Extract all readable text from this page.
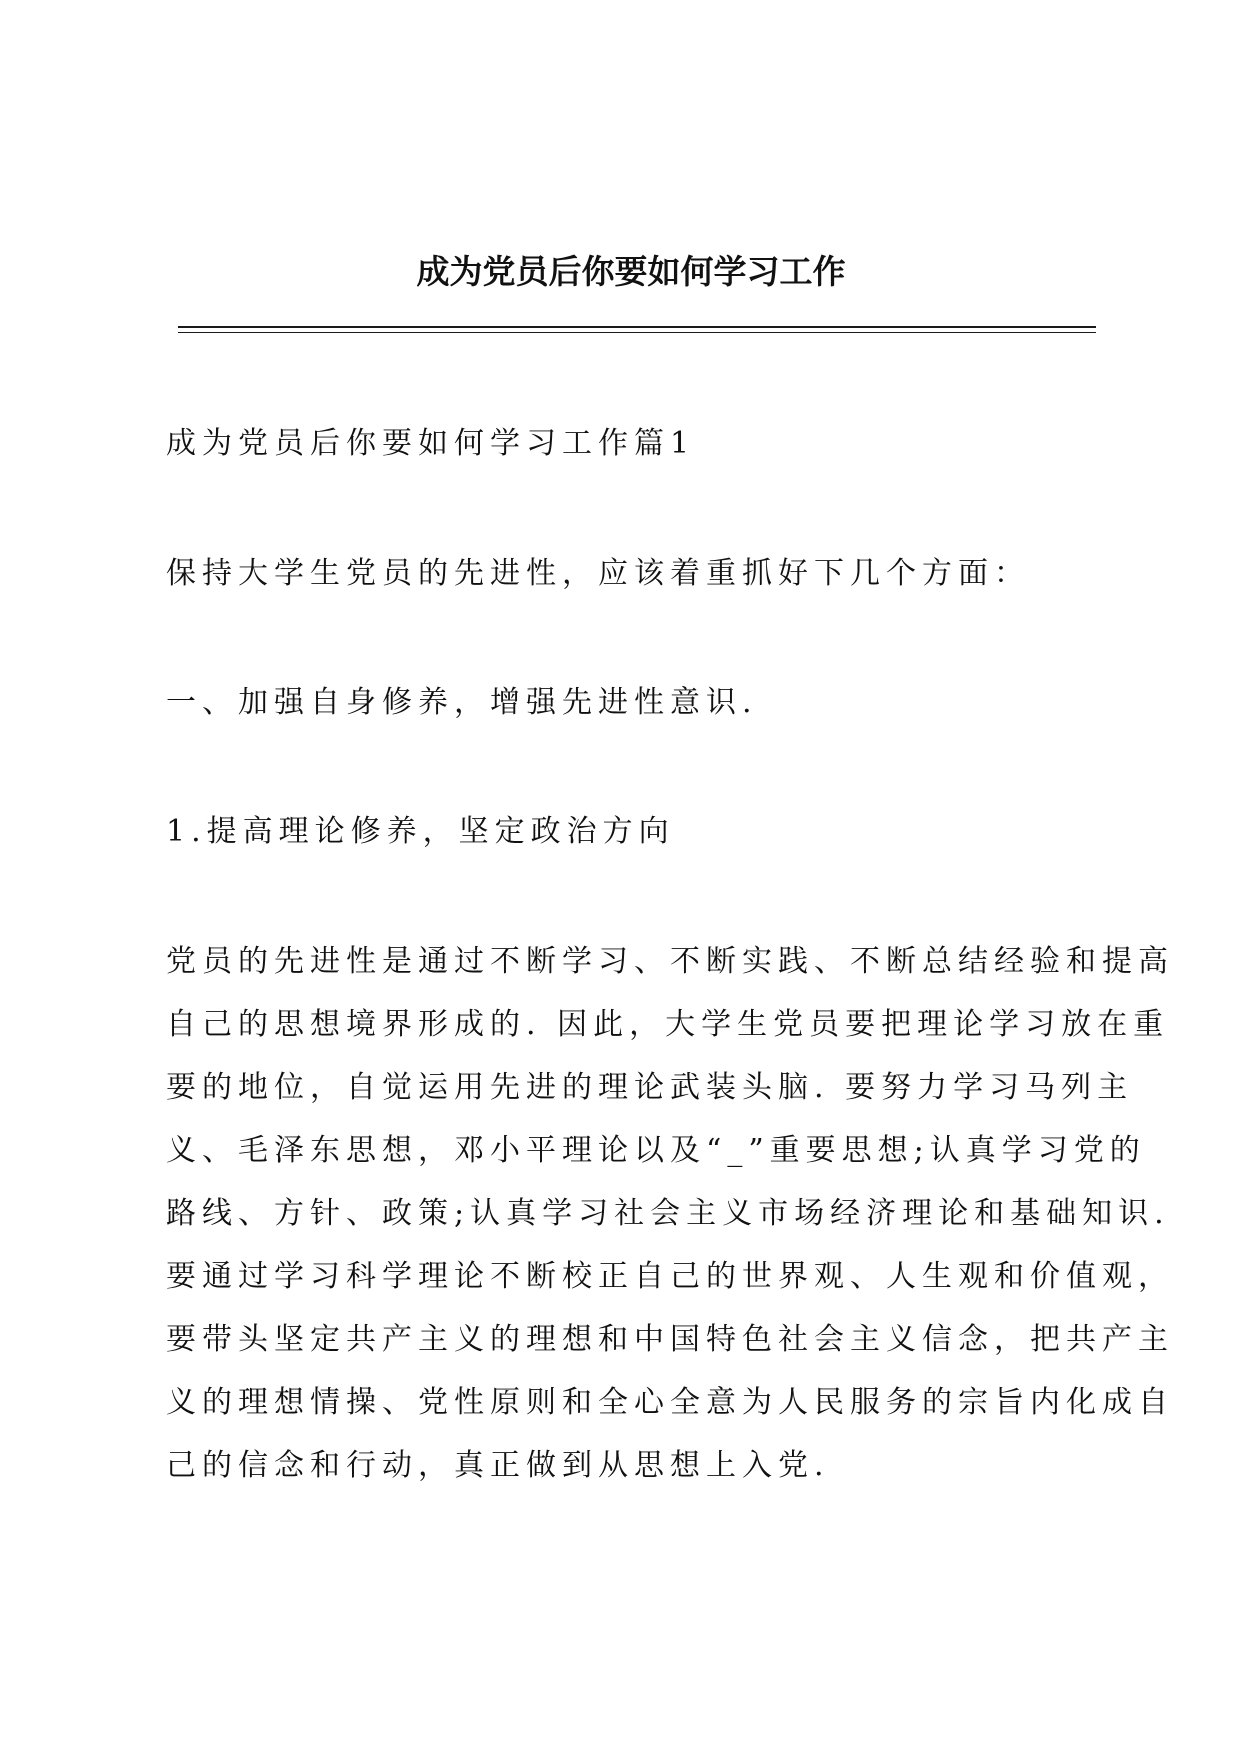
成为党员后你要如何学习工作

成为党员后你要如何学习工作篇1

保持大学生党员的先进性，应该着重抓好下几个方面：

一、加强自身修养，增强先进性意识.

1.提高理论修养，坚定政治方向

党员的先进性是通过不断学习、不断实践、不断总结经验和提高
自己的思想境界形成的. 因此，大学生党员要把理论学习放在重
要的地位，自觉运用先进的理论武装头脑. 要努力学习马列主
义、毛泽东思想，邓小平理论以及“_”重要思想;认真学习党的
路线、方针、政策;认真学习社会主义市场经济理论和基础知识.
要通过学习科学理论不断校正自己的世界观、人生观和价值观，
要带头坚定共产主义的理想和中国特色社会主义信念，把共产主
义的理想情操、党性原则和全心全意为人民服务的宗旨内化成自
己的信念和行动，真正做到从思想上入党.
